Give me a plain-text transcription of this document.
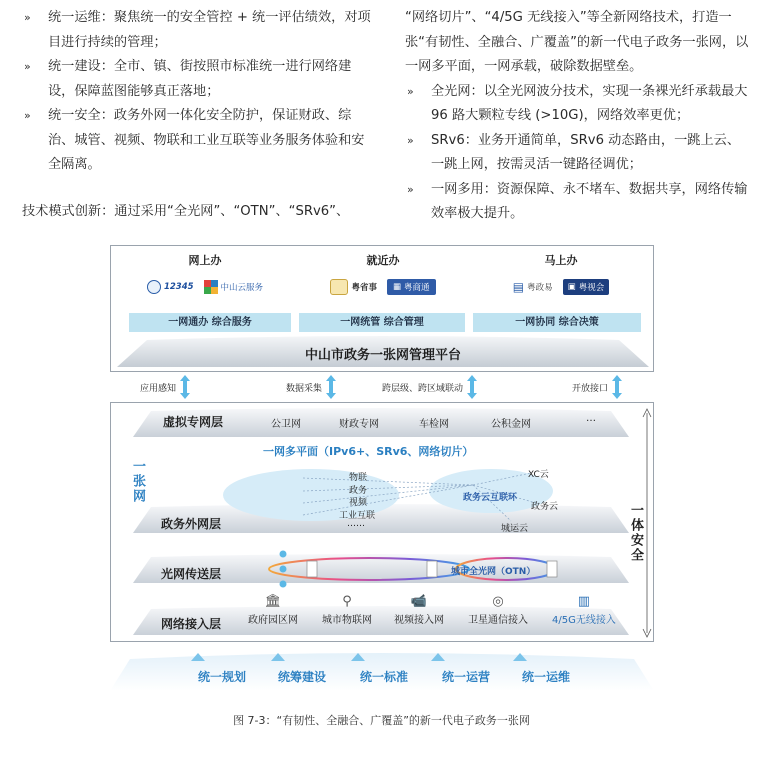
» 统一运维：聚焦统一的安全管控 + 统一评估绩效，对项目进行持续的管理；
» 统一建设：全市、镇、街按照市标准统一进行网络建设，保障蓝图能够真正落地；
» 统一安全：政务外网一体化安全防护，保证财政、综治、城管、视频、物联和工业互联等业务服务体验和安全隔离。
技术模式创新：通过采用“全光网”、“OTN”、“SRv6”、
“网络切片”、“4/5G 无线接入”等全新网络技术，打造一张“有韧性、全融合、广覆盖”的新一代电子政务一张网，以一网多平面，一网承载，破除数据壁垒。
» 全光网：以全光网波分技术，实现一条裸光纤承载最大 96 路大颗粒专线 (>10G)，网络效率更优；
» SRv6：业务开通简单，SRv6 动态路由，一跳上云、一跳上网，按需灵活一键路径调优；
» 一网多用：资源保障、永不堵车、数据共享，网络传输效率极大提升。
网上办
12345	中山云服务
就近办
粤省事 ▦ 粤商通
马上办
▤ 粤政易 ▣ 粤视会
一网通办 综合服务	一网统管 综合管理	一网协同 综合决策
中山市政务一张网管理平台
应用感知	数据采集	跨层级、跨区域联动	开放接口
一张网
一体安全
虚拟专网层	公卫网	财政专网	车检网	公积金网
…
一网多平面（IPv6+、SRv6、网络切片）
物联
政务
视频
工业互联
……
政务云互联环
XC云
政务云
城运云
政务外网层
光网传送层	城市全光网（OTN）
网络接入层
🏛
政府园区网
⚲
城市物联网
📹
视频接入网
◎
卫星通信接入
▥
4/5G无线接入
统一规划	统筹建设	统一标准	统一运营	统一运维
图 7-3：“有韧性、全融合、广覆盖”的新一代电子政务一张网
